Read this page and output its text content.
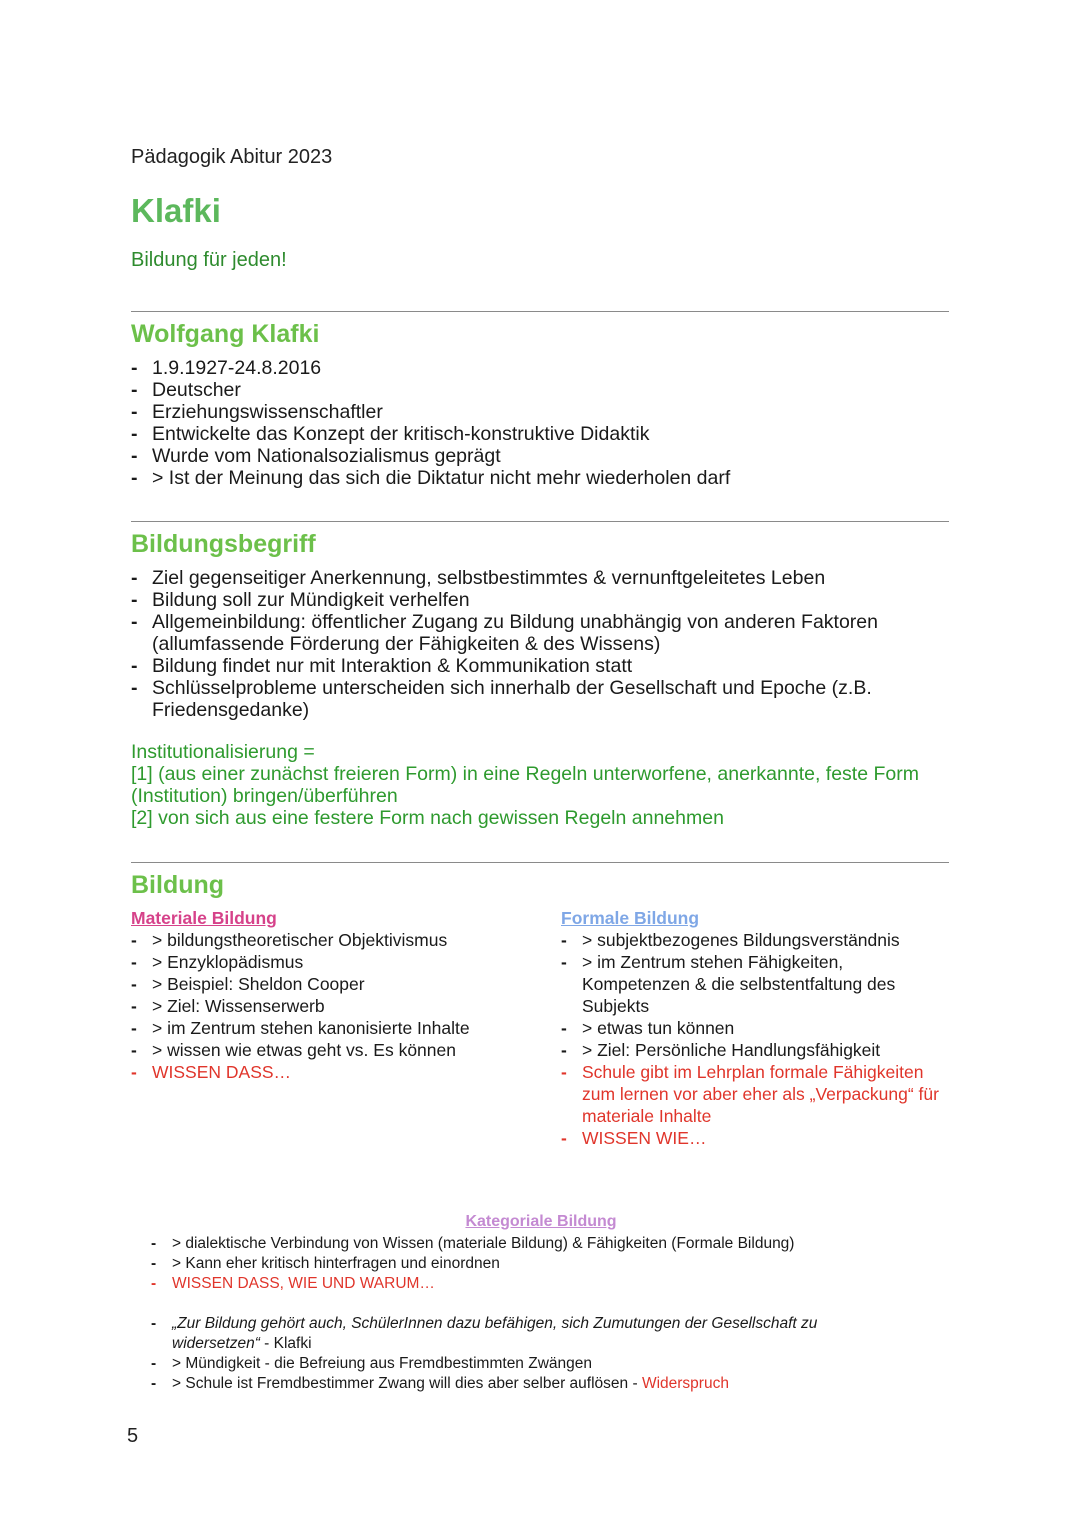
Pädagogik Abitur 2023
Klafki
Bildung für jeden!
Wolfgang Klafki
- 1.9.1927-24.8.2016
- Deutscher
- Erziehungswissenschaftler
- Entwickelte das Konzept der kritisch-konstruktive Didaktik
- Wurde vom Nationalsozialismus geprägt
- > Ist der Meinung das sich die Diktatur nicht mehr wiederholen darf
Bildungsbegriff
- Ziel gegenseitiger Anerkennung, selbstbestimmtes & vernunftgeleitetes Leben
- Bildung soll zur Mündigkeit verhelfen
- Allgemeinbildung: öffentlicher Zugang zu Bildung unabhängig von anderen Faktoren (allumfassende Förderung der Fähigkeiten & des Wissens)
- Bildung findet nur mit Interaktion & Kommunikation statt
- Schlüsselprobleme unterscheiden sich innerhalb der Gesellschaft und Epoche (z.B. Friedensgedanke)
Institutionalisierung =
[1] (aus einer zunächst freieren Form) in eine Regeln unterworfene, anerkannte, feste Form (Institution) bringen/überführen
[2] von sich aus eine festere Form nach gewissen Regeln annehmen
Bildung
Materiale Bildung
- > bildungstheoretischer Objektivismus
- > Enzyklopädismus
- > Beispiel: Sheldon Cooper
- > Ziel: Wissenserwerb
- > im Zentrum stehen kanonisierte Inhalte
- > wissen wie etwas geht vs. Es können
- WISSEN DASS…
Formale Bildung
- > subjektbezogenes Bildungsverständnis
- > im Zentrum stehen Fähigkeiten, Kompetenzen & die selbstentfaltung des Subjekts
- > etwas tun können
- > Ziel: Persönliche Handlungsfähigkeit
- Schule gibt im Lehrplan formale Fähigkeiten zum lernen vor aber eher als „Verpackung“ für materiale Inhalte
- WISSEN WIE…
Kategoriale Bildung
- > dialektische Verbindung von Wissen (materiale Bildung) & Fähigkeiten (Formale Bildung)
- > Kann eher kritisch hinterfragen und einordnen
- WISSEN DASS, WIE UND WARUM…
- „Zur Bildung gehört auch, SchülerInnen dazu befähigen, sich Zumutungen der Gesellschaft zu widersetzen“ - Klafki
- > Mündigkeit - die Befreiung aus Fremdbestimmten Zwängen
- > Schule ist Fremdbestimmer Zwang will dies aber selber auflösen - Widerspruch
5
